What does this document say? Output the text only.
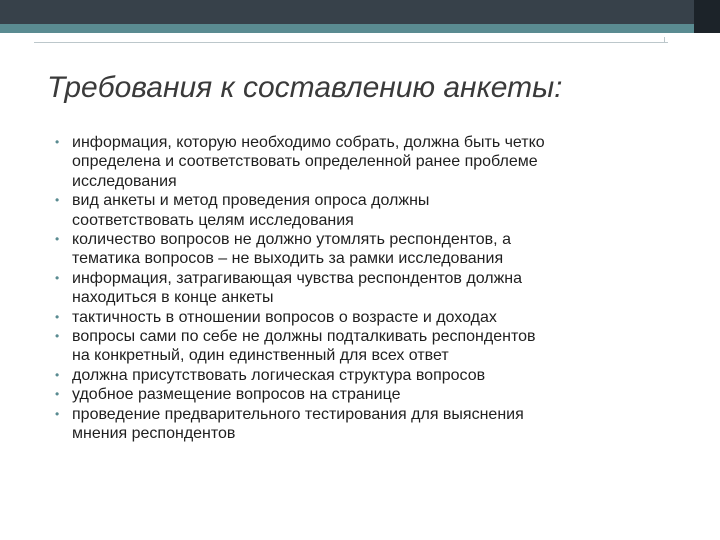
Требования к составлению анкеты:
• информация, которую необходимо собрать, должна быть четко
определена и соответствовать определенной ранее проблеме
исследования
• вид анкеты и метод проведения опроса должны
соответствовать целям исследования
• количество вопросов не должно утомлять респондентов, а
тематика вопросов – не выходить за рамки исследования
• информация, затрагивающая чувства респондентов должна
находиться в конце анкеты
• тактичность в отношении вопросов о возрасте и доходах
• вопросы сами по себе не должны подталкивать респондентов
на конкретный, один единственный для всех ответ
• должна присутствовать логическая структура вопросов
• удобное размещение вопросов на странице
• проведение предварительного тестирования для выяснения
мнения респондентов
